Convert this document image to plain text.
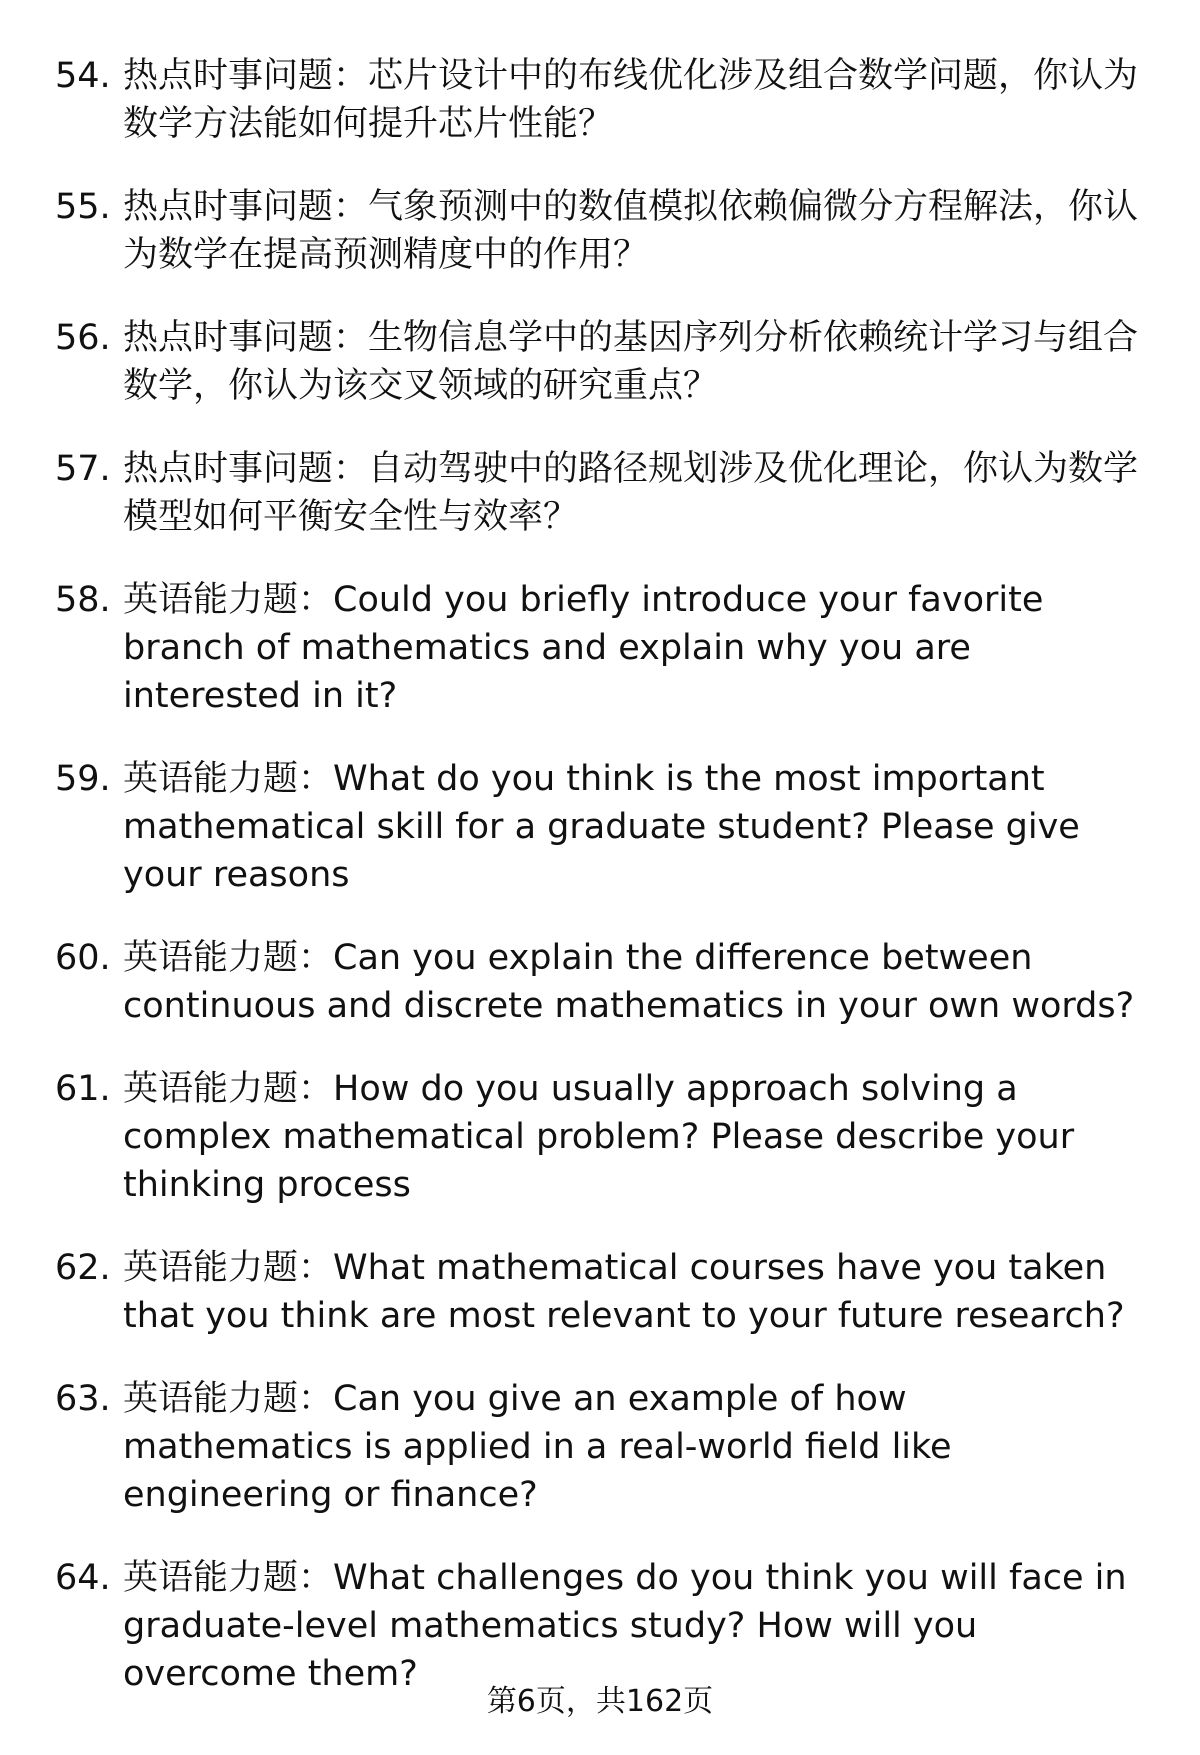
54. 热点时事问题：芯片设计中的布线优化涉及组合数学问题，你认为数学方法能如何提升芯片性能？
55. 热点时事问题：气象预测中的数值模拟依赖偏微分方程解法，你认为数学在提高预测精度中的作用？
56. 热点时事问题：生物信息学中的基因序列分析依赖统计学习与组合数学，你认为该交叉领域的研究重点？
57. 热点时事问题：自动驾驶中的路径规划涉及优化理论，你认为数学模型如何平衡安全性与效率？
58. 英语能力题：Could you briefly introduce your favorite branch of mathematics and explain why you are interested in it?
59. 英语能力题：What do you think is the most important mathematical skill for a graduate student? Please give your reasons
60. 英语能力题：Can you explain the difference between continuous and discrete mathematics in your own words?
61. 英语能力题：How do you usually approach solving a complex mathematical problem? Please describe your thinking process
62. 英语能力题：What mathematical courses have you taken that you think are most relevant to your future research?
63. 英语能力题：Can you give an example of how mathematics is applied in a real-world field like engineering or finance?
64. 英语能力题：What challenges do you think you will face in graduate-level mathematics study? How will you overcome them?
第6页，共162页
